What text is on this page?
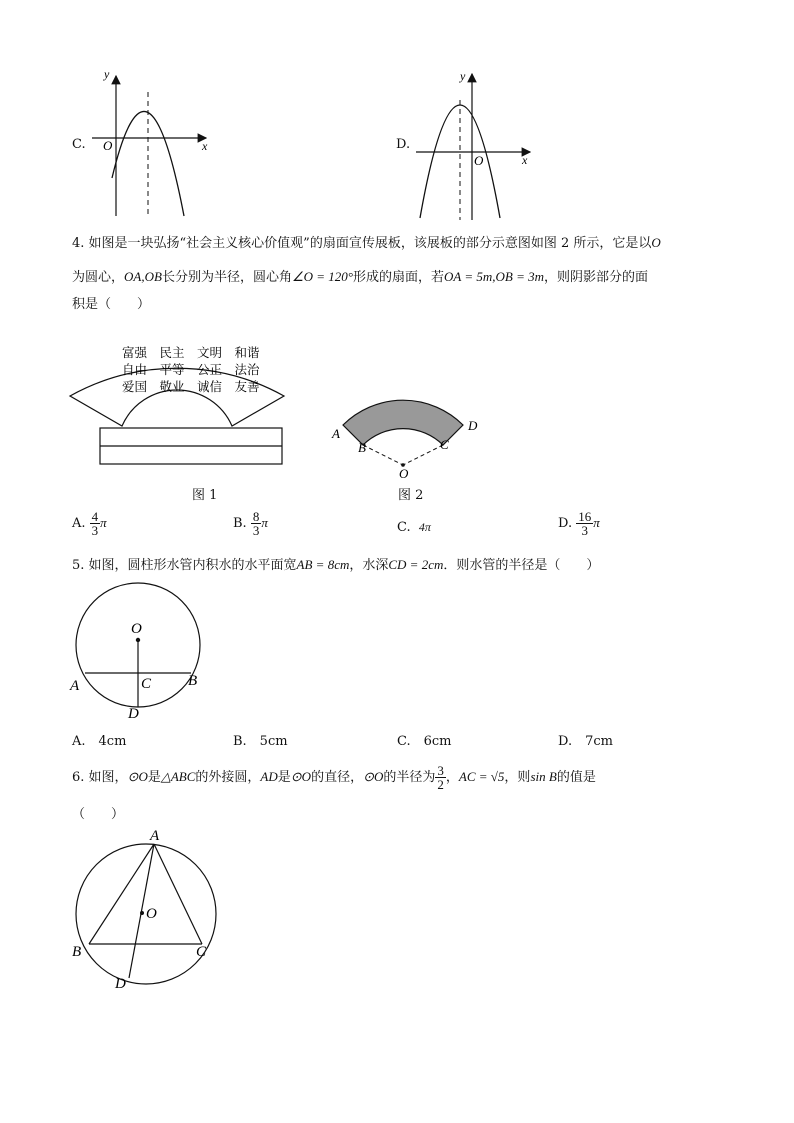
C.
y
x
O	D.
y
x
O
4. 如图是一块弘扬“社会主义核心价值观”的扇面宣传展板，该展板的部分示意图如图 2 所示，它是以O
为圆心，OA,OB长分别为半径，圆心角∠O = 120°形成的扇面，若OA = 5m,OB = 3m，则阴影部分的面
积是（　　）
富强　民主　文明　和谐
自由　平等　公正　法治
爱国　敬业　诚信　友善
图 1
A
B	C
D
O
图 2
A. $\frac{4}{3}$ π	B. $\frac{8}{3}$ π	C. 4π	D. $\frac{16}{3}$ π
5. 如图，圆柱形水管内积水的水平面宽AB = 8cm，水深CD = 2cm．则水管的半径是（　　）
O
A	B
C
D
A.　4cm	B.　5cm	C.　6cm	D.　7cm
6. 如图，⊙O是△ABC的外接圆，AD是⊙O的直径，⊙O的半径为 $\frac{3}{2}$ ，AC = √5，则sin B的值是
（　　）
A
B	C
D
O
